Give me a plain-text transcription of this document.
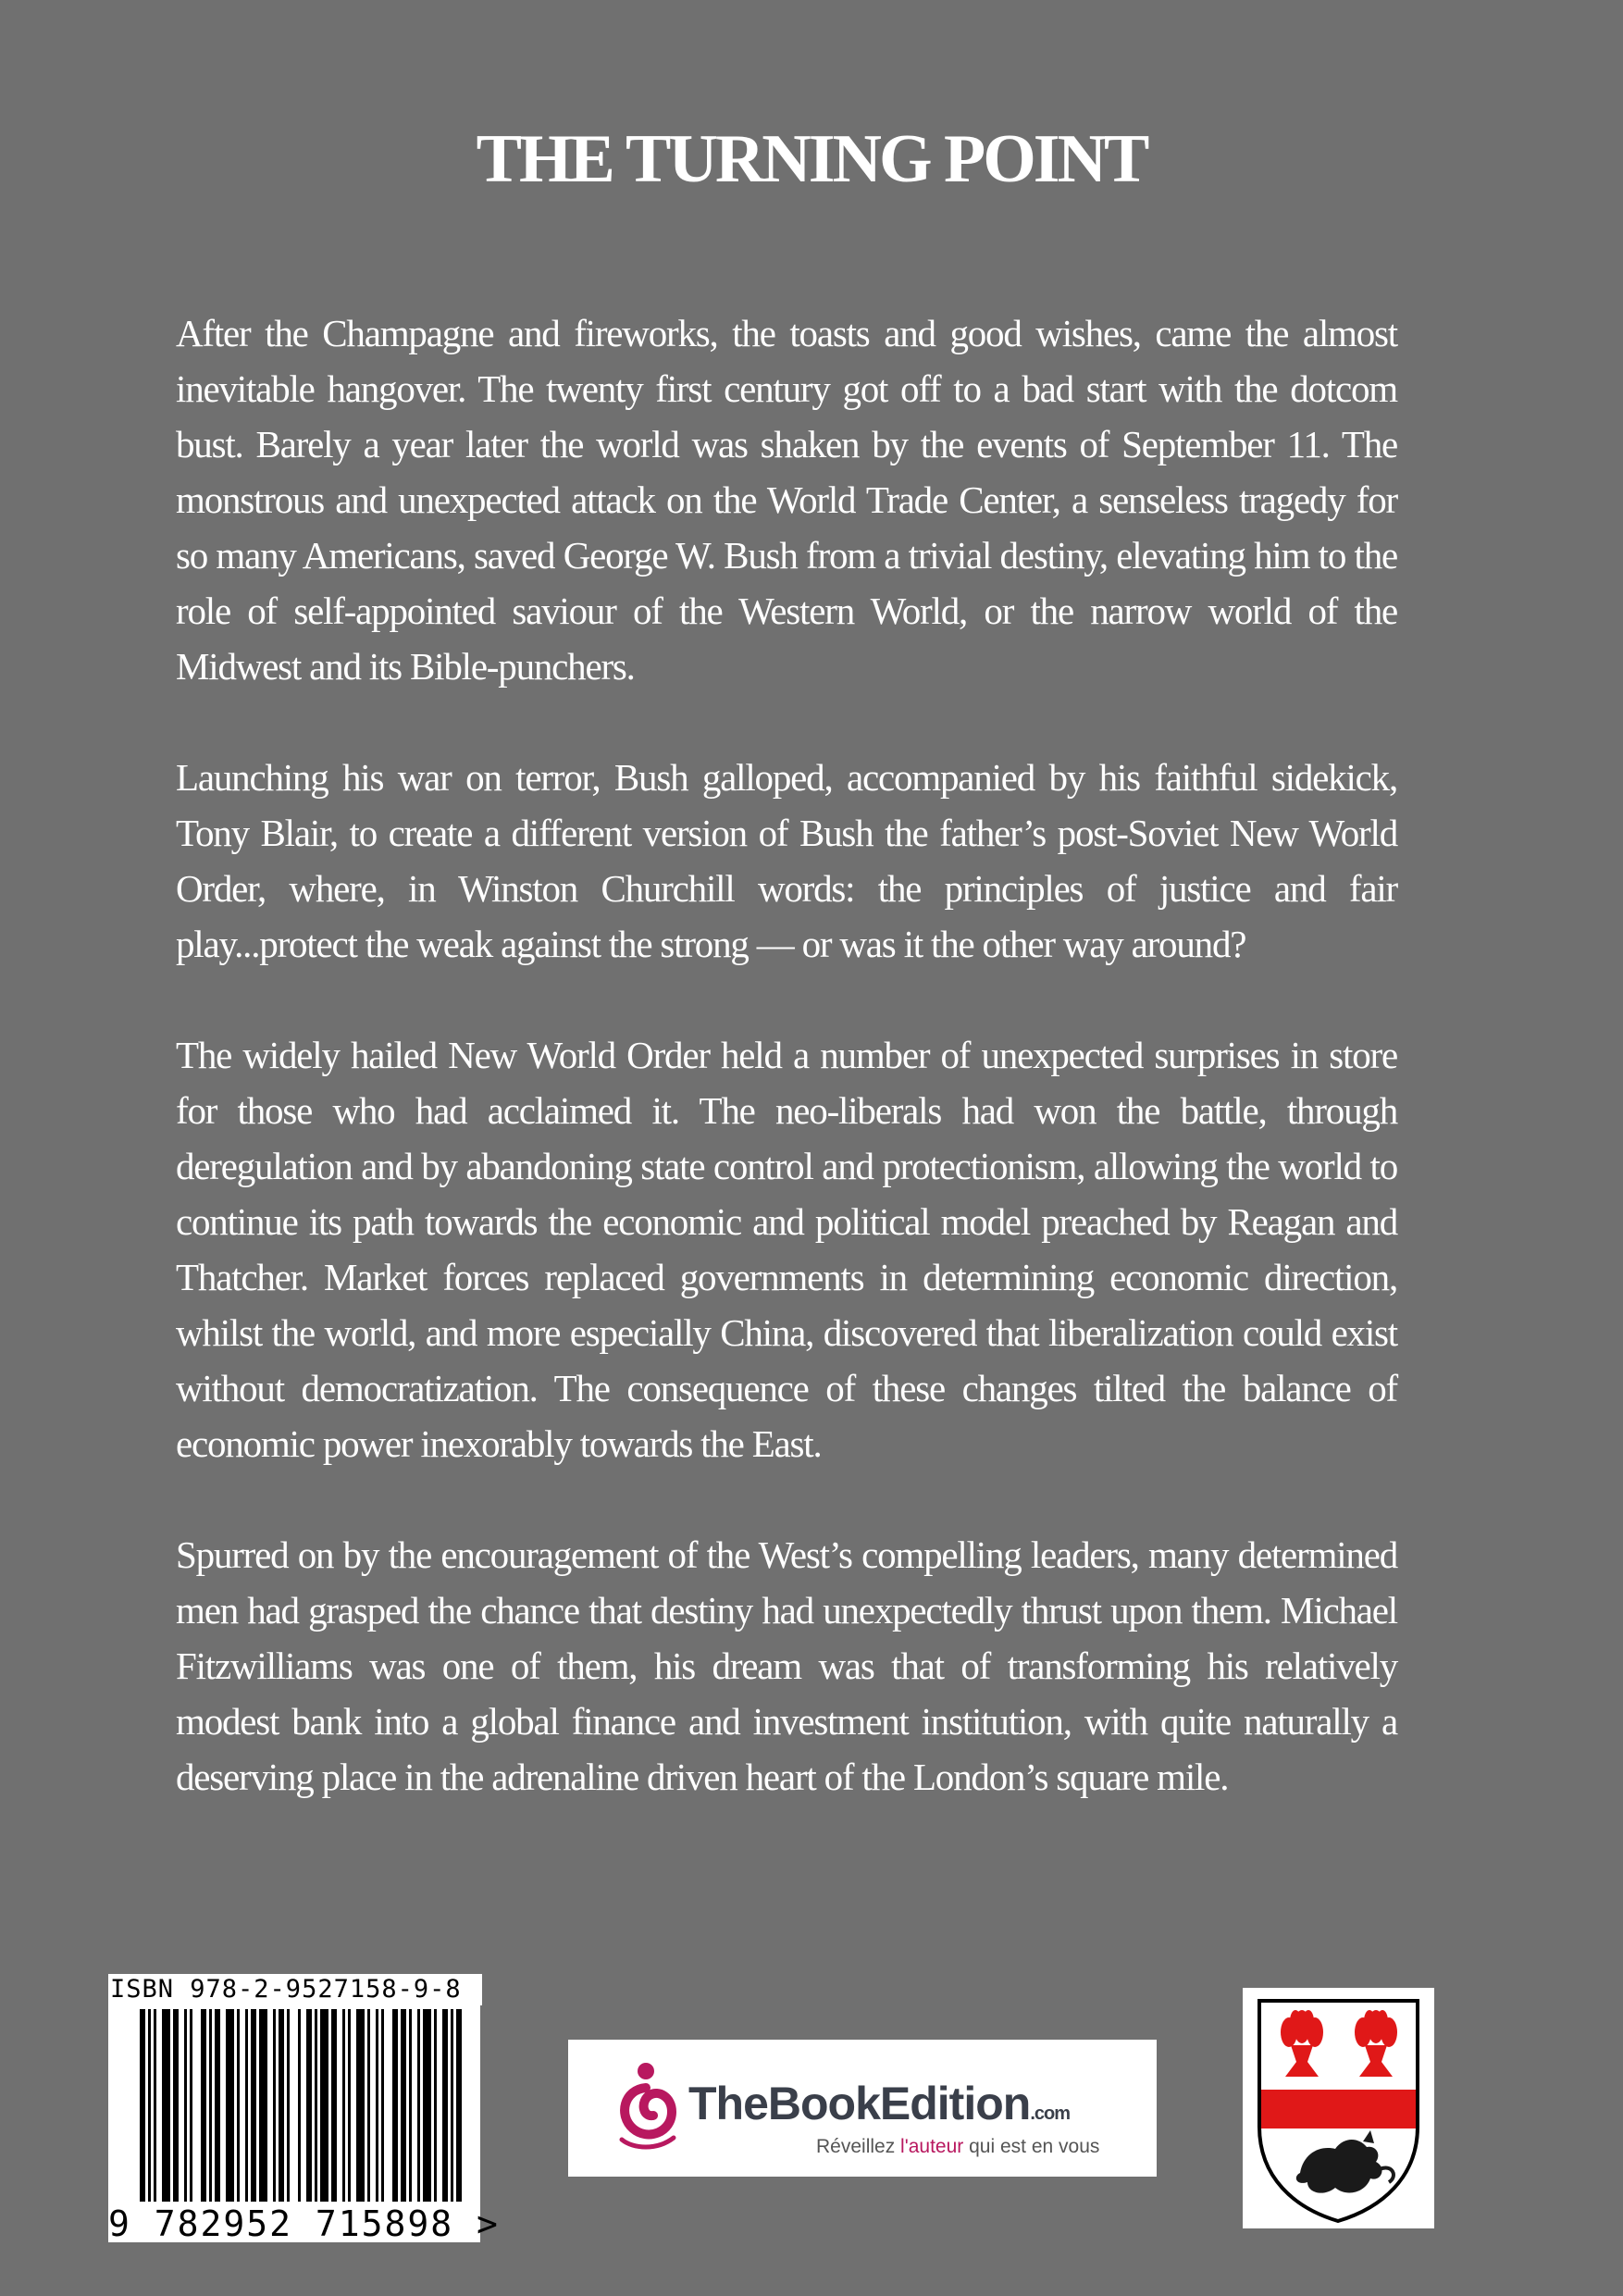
THE TURNING POINT

After the Champagne and fireworks, the toasts and good wishes, came the almost inevitable hangover. The twenty first century got off to a bad start with the dotcom bust. Barely a year later the world was shaken by the events of September 11. The monstrous and unexpected attack on the World Trade Center, a senseless tragedy for so many Americans, saved George W. Bush from a trivial destiny, elevating him to the role of self-appointed saviour of the Western World, or the narrow world of the Midwest and its Bible-punchers.

Launching his war on terror, Bush galloped, accompanied by his faithful sidekick, Tony Blair, to create a different version of Bush the father’s post-Soviet New World Order, where, in Winston Churchill words: the principles of justice and fair play...protect the weak against the strong — or was it the other way around?

The widely hailed New World Order held a number of unexpected surprises in store for those who had acclaimed it. The neo-liberals had won the battle, through deregulation and by abandoning state control and protectionism, allowing the world to continue its path towards the economic and political model preached by Reagan and Thatcher. Market forces replaced governments in determining economic direction, whilst the world, and more especially China, discovered that liberalization could exist without democratization. The consequence of these changes tilted the balance of economic power inexorably towards the East.

Spurred on by the encouragement of the West’s compelling leaders, many determined men had grasped the chance that destiny had unexpectedly thrust upon them. Michael Fitzwilliams was one of them, his dream was that of transforming his relatively modest bank into a global finance and investment institution, with quite naturally a deserving place in the adrenaline driven heart of the London’s square mile.

ISBN 978-2-9527158-9-8
9 782952 715898 >
TheBookEdition.com
Réveillez l'auteur qui est en vous
